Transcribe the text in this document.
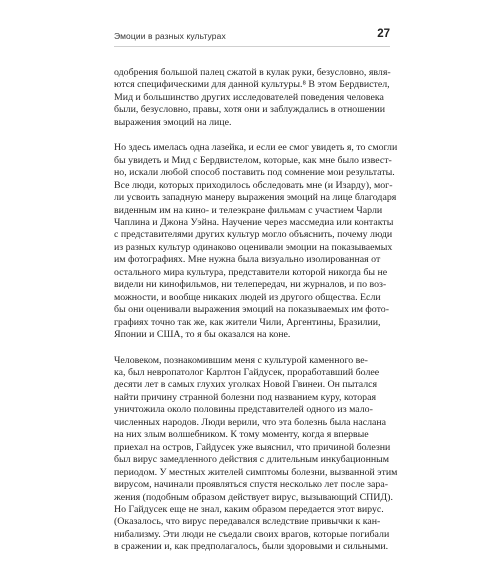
Эмоции в разных культурах	27
одобрения большой палец сжатой в кулак руки, безусловно, явля-
ются специфическими для данной культуры.⁸ В этом Бердвистел,
Мид и большинство других исследователей поведения человека
были, безусловно, правы, хотя они и заблуждались в отношении
выражения эмоций на лице.
Но здесь имелась одна лазейка, и если ее смог увидеть я, то смогли
бы увидеть и Мид с Бердвистелом, которые, как мне было извест-
но, искали любой способ поставить под сомнение мои результаты.
Все люди, которых приходилось обследовать мне (и Изарду), мог-
ли усвоить западную манеру выражения эмоций на лице благодаря
виденным им на кино- и телеэкране фильмам с участием Чарли
Чаплина и Джона Уэйна. Научение через массмедиа или контакты
с представителями других культур могло объяснить, почему люди
из разных культур одинаково оценивали эмоции на показываемых
им фотографиях. Мне нужна была визуально изолированная от
остального мира культура, представители которой никогда бы не
видели ни кинофильмов, ни телепередач, ни журналов, и по воз-
можности, и вообще никаких людей из другого общества. Если
бы они оценивали выражения эмоций на показываемых им фото-
графиях точно так же, как жители Чили, Аргентины, Бразилии,
Японии и США, то я бы оказался на коне.
Человеком, познакомившим меня с культурой каменного ве-
ка, был невропатолог Карлтон Гайдусек, проработавший более
десяти лет в самых глухих уголках Новой Гвинеи. Он пытался
найти причину странной болезни под названием куру, которая
уничтожила около половины представителей одного из мало-
численных народов. Люди верили, что эта болезнь была наслана
на них злым волшебником. К тому моменту, когда я впервые
приехал на остров, Гайдусек уже выяснил, что причиной болезни
был вирус замедленного действия с длительным инкубационным
периодом. У местных жителей симптомы болезни, вызванной этим
вирусом, начинали проявляться спустя несколько лет после зара-
жения (подобным образом действует вирус, вызывающий СПИД).
Но Гайдусек еще не знал, каким образом передается этот вирус.
(Оказалось, что вирус передавался вследствие привычки к кан-
нибализму. Эти люди не съедали своих врагов, которые погибали
в сражении и, как предполагалось, были здоровыми и сильными.
